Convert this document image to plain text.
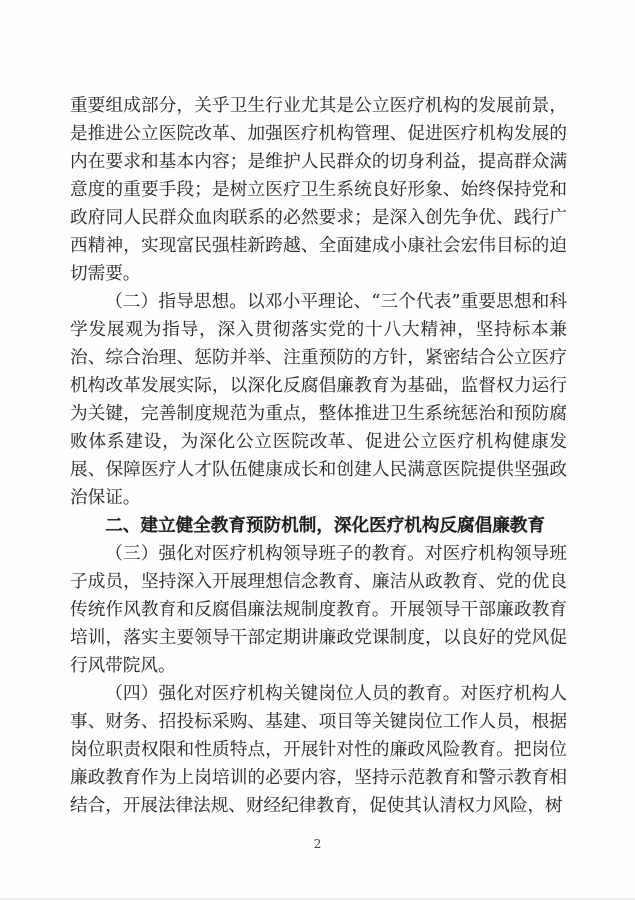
重要组成部分，关乎卫生行业尤其是公立医疗机构的发展前景，是推进公立医院改革、加强医疗机构管理、促进医疗机构发展的内在要求和基本内容；是维护人民群众的切身利益，提高群众满意度的重要手段；是树立医疗卫生系统良好形象、始终保持党和政府同人民群众血肉联系的必然要求；是深入创先争优、践行广西精神，实现富民强桂新跨越、全面建成小康社会宏伟目标的迫切需要。

（二）指导思想。以邓小平理论、“三个代表”重要思想和科学发展观为指导，深入贯彻落实党的十八大精神，坚持标本兼治、综合治理、惩防并举、注重预防的方针，紧密结合公立医疗机构改革发展实际，以深化反腐倡廉教育为基础，监督权力运行为关键，完善制度规范为重点，整体推进卫生系统惩治和预防腐败体系建设，为深化公立医院改革、促进公立医疗机构健康发展、保障医疗人才队伍健康成长和创建人民满意医院提供坚强政治保证。

二、建立健全教育预防机制，深化医疗机构反腐倡廉教育

（三）强化对医疗机构领导班子的教育。对医疗机构领导班子成员，坚持深入开展理想信念教育、廉洁从政教育、党的优良传统作风教育和反腐倡廉法规制度教育。开展领导干部廉政教育培训，落实主要领导干部定期讲廉政党课制度，以良好的党风促行风带院风。

（四）强化对医疗机构关键岗位人员的教育。对医疗机构人事、财务、招投标采购、基建、项目等关键岗位工作人员，根据岗位职责权限和性质特点，开展针对性的廉政风险教育。把岗位廉政教育作为上岗培训的必要内容，坚持示范教育和警示教育相结合，开展法律法规、财经纪律教育，促使其认清权力风险，树

2
